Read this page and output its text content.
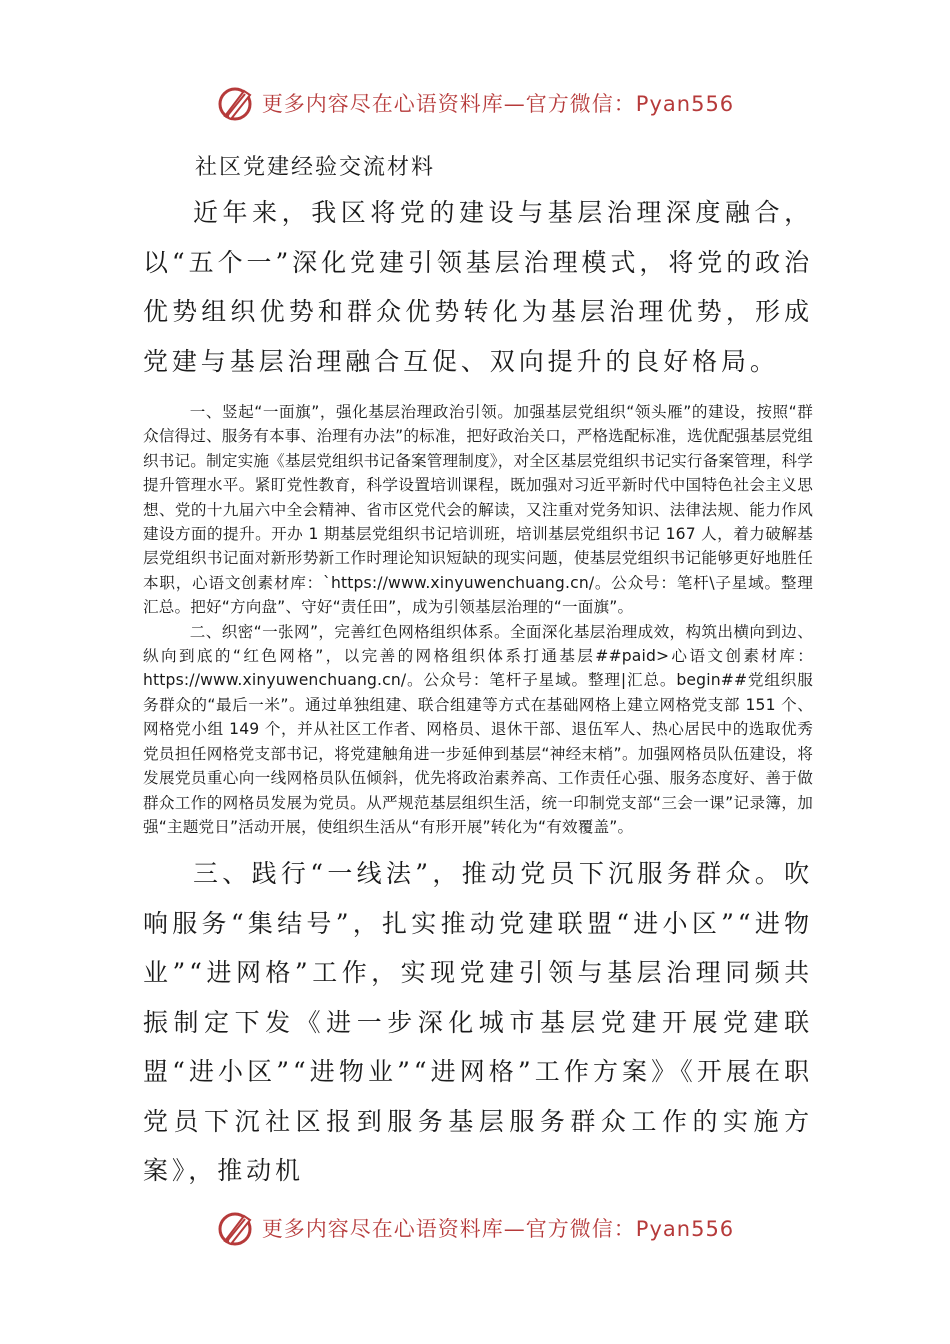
更多内容尽在心语资料库—官方微信：Pyan556

社区党建经验交流材料

近年来，我区将党的建设与基层治理深度融合，以“五个一”深化党建引领基层治理模式，将党的政治优势组织优势和群众优势转化为基层治理优势，形成党建与基层治理融合互促、双向提升的良好格局。

一、竖起“一面旗”，强化基层治理政治引领。加强基层党组织“领头雁”的建设，按照“群众信得过、服务有本事、治理有办法”的标准，把好政治关口，严格选配标准，选优配强基层党组织书记。制定实施《基层党组织书记备案管理制度》，对全区基层党组织书记实行备案管理，科学提升管理水平。紧盯党性教育，科学设置培训课程，既加强对习近平新时代中国特色社会主义思想、党的十九届六中全会精神、省市区党代会的解读，又注重对党务知识、法律法规、能力作风建设方面的提升。开办 1 期基层党组织书记培训班，培训基层党组织书记 167 人，着力破解基层党组织书记面对新形势新工作时理论知识短缺的现实问题，使基层党组织书记能够更好地胜任本职，心语文创素材库：`https://www.xinyuwenchuang.cn/。公众号：笔杆\子星域。整理汇总。把好“方向盘”、守好“责任田”，成为引领基层治理的“一面旗”。

二、织密“一张网”，完善红色网格组织体系。全面深化基层治理成效，构筑出横向到边、纵向到底的“红色网格”，以完善的网格组织体系打通基层##paid>心语文创素材库：https://www.xinyuwenchuang.cn/。公众号：笔杆子星域。整理|汇总。begin##党组织服务群众的“最后一米”。通过单独组建、联合组建等方式在基础网格上建立网格党支部 151 个、网格党小组 149 个，并从社区工作者、网格员、退休干部、退伍军人、热心居民中的选取优秀党员担任网格党支部书记，将党建触角进一步延伸到基层“神经末梢”。加强网格员队伍建设，将发展党员重心向一线网格员队伍倾斜，优先将政治素养高、工作责任心强、服务态度好、善于做群众工作的网格员发展为党员。从严规范基层组织生活，统一印制党支部“三会一课”记录簿，加强“主题党日”活动开展，使组织生活从“有形开展”转化为“有效覆盖”。

三、践行“一线法”，推动党员下沉服务群众。吹响服务“集结号”，扎实推动党建联盟“进小区”“进物业”“进网格”工作，实现党建引领与基层治理同频共振制定下发《进一步深化城市基层党建开展党建联盟“进小区”“进物业”“进网格”工作方案》《开展在职党员下沉社区报到服务基层服务群众工作的实施方案》，推动机

更多内容尽在心语资料库—官方微信：Pyan556
